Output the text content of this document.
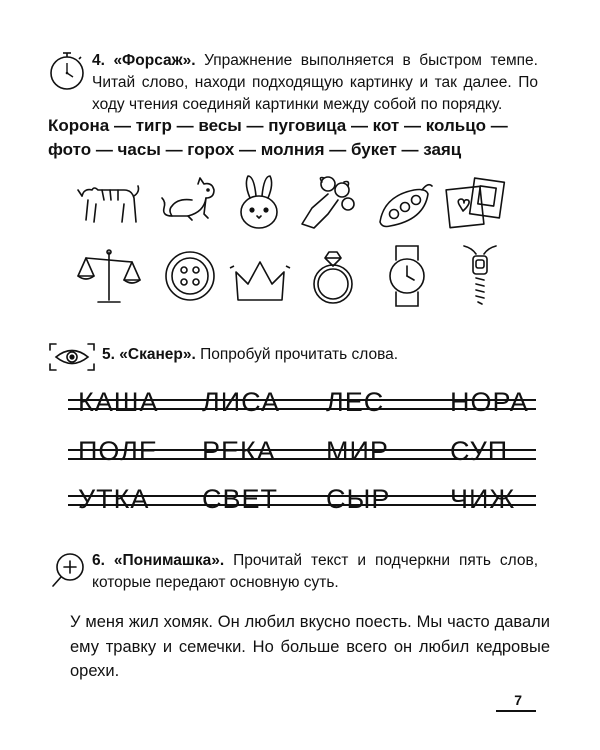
4. «Форсаж». Упражнение выполняется в быстром темпе. Читай слово, находи подходящую картинку и так далее. По ходу чтения соединяй картинки между собой по порядку.
Корона — тигр — весы — пуговица — кот — кольцо —
фото — часы — горох — молния — букет — заяц
5. «Сканер». Попробуй прочитать слова.
КАША ЛИСА ЛЕС НОРА
ПОЛЕ РЕКА МИР СУП
УТКА СВЕТ СЫР ЧИЖ
6. «Понимашка». Прочитай текст и подчеркни пять слов, которые передают основную суть.
У меня жил хомяк. Он любил вкусно поесть. Мы часто давали ему травку и семечки. Но больше всего он любил кедровые орехи.
7
